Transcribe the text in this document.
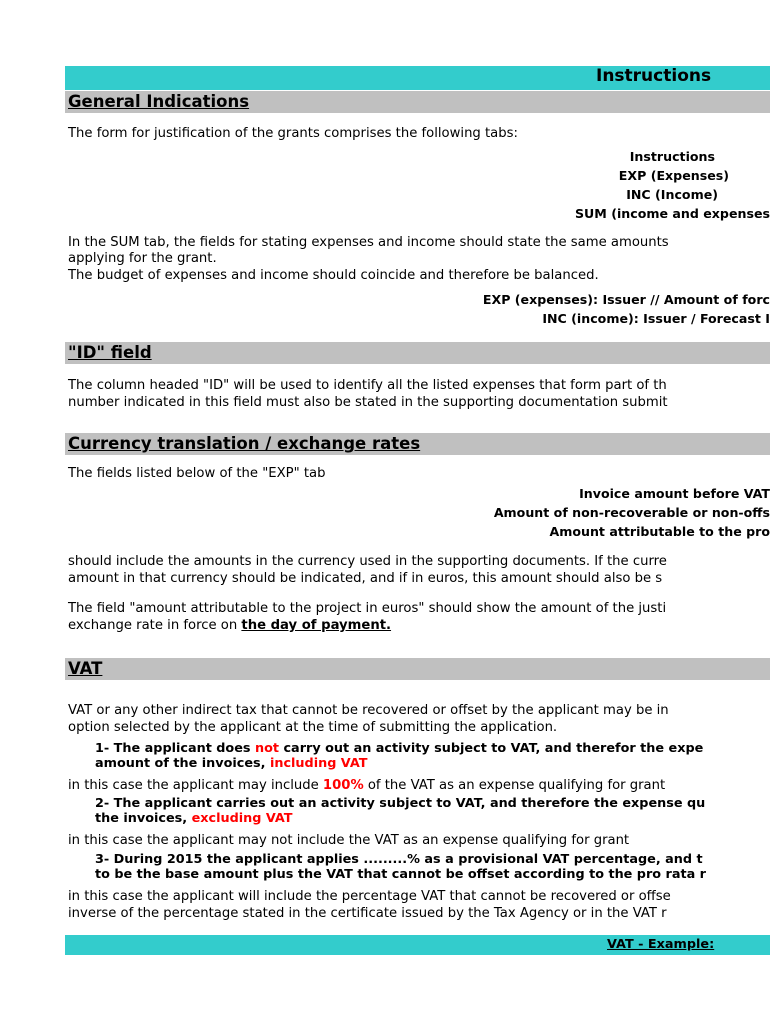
Instructions
General Indications
The form for justification of the grants comprises the following tabs:
Instructions
EXP (Expenses)
INC (Income)
SUM (income and expenses
In the SUM tab, the fields for stating expenses and income should state the same amounts
applying for the grant.
The budget of expenses and income should coincide and therefore be balanced.
EXP (expenses): Issuer // Amount of forc
INC (income): Issuer / Forecast I
"ID" field
The column headed "ID" will be used to identify all the listed expenses that form part of th
number indicated in this field must also be stated in the supporting documentation submit
Currency translation / exchange rates
The fields listed below of the "EXP" tab
Invoice amount before VAT
Amount of non-recoverable or non-offs
Amount attributable to the pro
should include the amounts in the currency used in the supporting documents. If the curre
amount in that currency should be indicated, and if in euros, this amount should also be s
The field "amount attributable to the project in euros" should show the amount of the justi
exchange rate in force on the day of payment.
VAT
VAT or any other indirect tax that cannot be recovered or offset by the applicant may be in
option selected by the applicant at the time of submitting the application.
1- The applicant does not carry out an activity subject to VAT, and therefor the expe
amount of the invoices, including VAT
in this case the applicant may include 100% of the VAT as an expense qualifying for grant
2- The applicant carries out an activity subject to VAT, and therefore the expense qu
the invoices, excluding VAT
in this case the applicant may not include the VAT as an expense qualifying for grant
3- During 2015 the applicant applies .........% as a provisional VAT percentage, and t
to be the base amount plus the VAT that cannot be offset according to the pro rata r
in this case the applicant will include the percentage VAT that cannot be recovered or offse
inverse of the percentage stated in the certificate issued by the Tax Agency or in the VAT r
VAT - Example:
